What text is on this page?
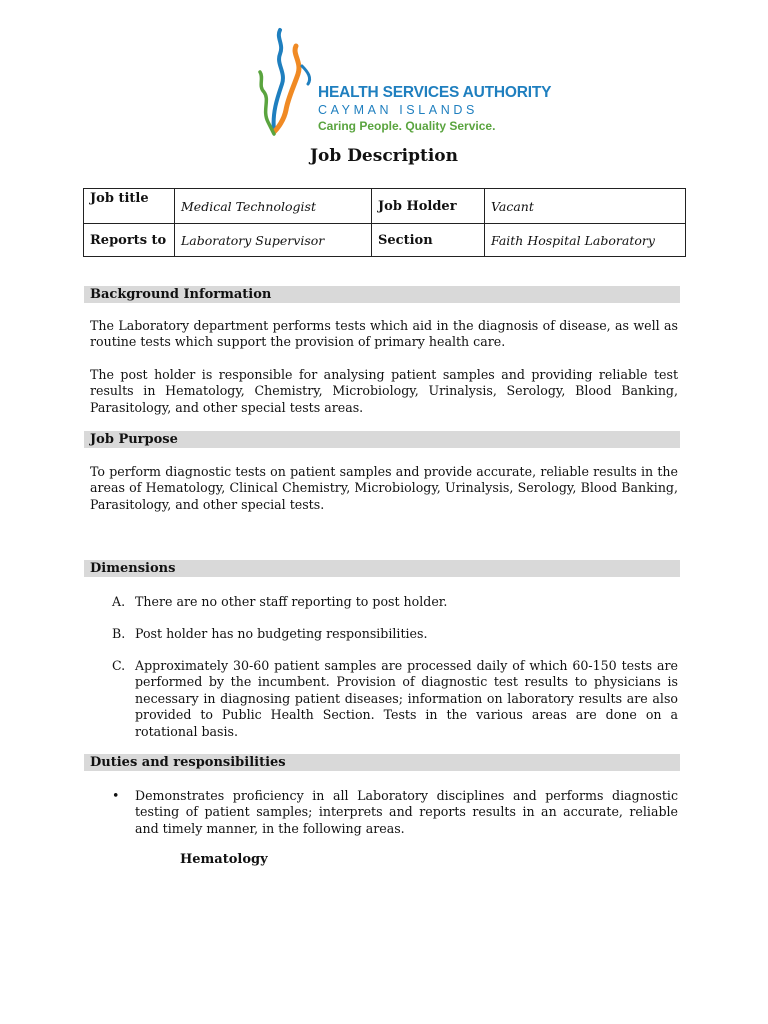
HEALTH SERVICES AUTHORITY
CAYMAN ISLANDS
Caring People. Quality Service.
Job Description
Job title	Medical Technologist	Job Holder	Vacant
Reports to	Laboratory Supervisor	Section	Faith Hospital Laboratory
Background Information
The Laboratory department performs tests which aid in the diagnosis of disease, as well as routine tests which support the provision of primary health care.
The post holder is responsible for analysing patient samples and providing reliable test results in Hematology, Chemistry, Microbiology, Urinalysis, Serology, Blood Banking, Parasitology, and other special tests areas.
Job Purpose
To perform diagnostic tests on patient samples and provide accurate, reliable results in the areas of Hematology, Clinical Chemistry, Microbiology, Urinalysis, Serology, Blood Banking, Parasitology, and other special tests.
Dimensions
A. There are no other staff reporting to post holder.
B. Post holder has no budgeting responsibilities.
C. Approximately 30-60 patient samples are processed daily of which 60-150 tests are performed by the incumbent. Provision of diagnostic test results to physicians is necessary in diagnosing patient diseases; information on laboratory results are also provided to Public Health Section. Tests in the various areas are done on a rotational basis.
Duties and responsibilities
• Demonstrates proficiency in all Laboratory disciplines and performs diagnostic testing of patient samples; interprets and reports results in an accurate, reliable and timely manner, in the following areas.
Hematology
